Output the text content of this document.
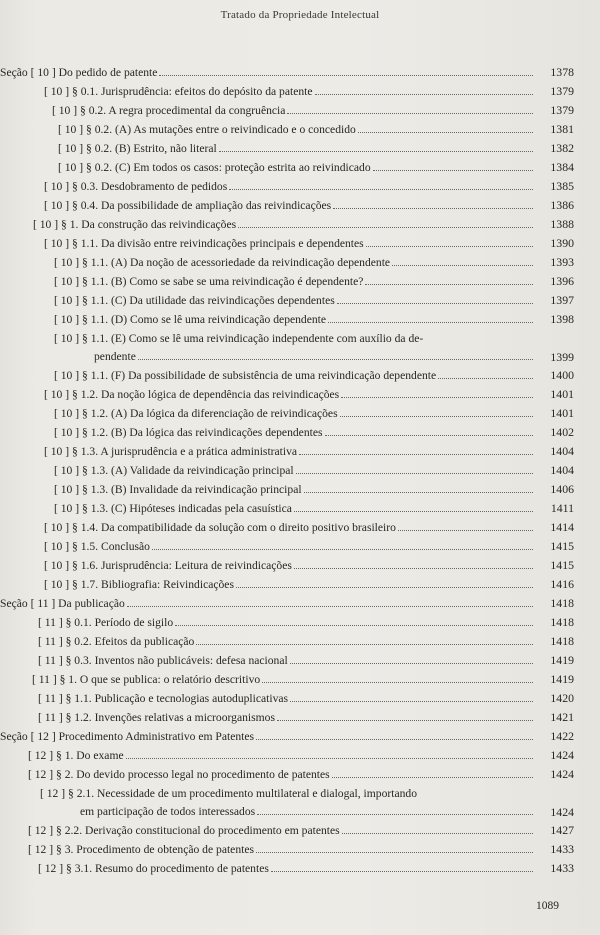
Tratado da Propriedade Intelectual
Seção [ 10 ] Do pedido de patente	1378
[ 10 ] § 0.1. Jurisprudência: efeitos do depósito da patente	1379
[ 10 ] § 0.2. A regra procedimental da congruência	1379
[ 10 ] § 0.2. (A) As mutações entre o reivindicado e o concedido	1381
[ 10 ] § 0.2. (B) Estrito, não literal	1382
[ 10 ] § 0.2. (C) Em todos os casos: proteção estrita ao reivindicado	1384
[ 10 ] § 0.3. Desdobramento de pedidos	1385
[ 10 ] § 0.4. Da possibilidade de ampliação das reivindicações	1386
[ 10 ] § 1. Da construção das reivindicações	1388
[ 10 ] § 1.1. Da divisão entre reivindicações principais e dependentes	1390
[ 10 ] § 1.1. (A) Da noção de acessoriedade da reivindicação dependente	1393
[ 10 ] § 1.1. (B) Como se sabe se uma reivindicação é dependente?	1396
[ 10 ] § 1.1. (C) Da utilidade das reivindicações dependentes	1397
[ 10 ] § 1.1. (D) Como se lê uma reivindicação dependente	1398
[ 10 ] § 1.1. (E) Como se lê uma reivindicação independente com auxílio da de-
pendente	1399
[ 10 ] § 1.1. (F) Da possibilidade de subsistência de uma reivindicação dependente	1400
[ 10 ] § 1.2. Da noção lógica de dependência das reivindicações	1401
[ 10 ] § 1.2. (A) Da lógica da diferenciação de reivindicações	1401
[ 10 ] § 1.2. (B) Da lógica das reivindicações dependentes	1402
[ 10 ] § 1.3. A jurisprudência e a prática administrativa	1404
[ 10 ] § 1.3. (A) Validade da reivindicação principal	1404
[ 10 ] § 1.3. (B) Invalidade da reivindicação principal	1406
[ 10 ] § 1.3. (C) Hipóteses indicadas pela casuística	1411
[ 10 ] § 1.4. Da compatibilidade da solução com o direito positivo brasileiro	1414
[ 10 ] § 1.5. Conclusão	1415
[ 10 ] § 1.6. Jurisprudência: Leitura de reivindicações	1415
[ 10 ] § 1.7. Bibliografia: Reivindicações	1416
Seção [ 11 ] Da publicação	1418
[ 11 ] § 0.1. Período de sigilo	1418
[ 11 ] § 0.2. Efeitos da publicação	1418
[ 11 ] § 0.3. Inventos não publicáveis: defesa nacional	1419
[ 11 ] § 1. O que se publica: o relatório descritivo	1419
[ 11 ] § 1.1. Publicação e tecnologias autoduplicativas	1420
[ 11 ] § 1.2. Invenções relativas a microorganismos	1421
Seção [ 12 ] Procedimento Administrativo em Patentes	1422
[ 12 ] § 1. Do exame	1424
[ 12 ] § 2. Do devido processo legal no procedimento de patentes	1424
[ 12 ] § 2.1. Necessidade de um procedimento multilateral e dialogal, importando
em participação de todos interessados	1424
[ 12 ] § 2.2. Derivação constitucional do procedimento em patentes	1427
[ 12 ] § 3. Procedimento de obtenção de patentes	1433
[ 12 ] § 3.1. Resumo do procedimento de patentes	1433
1089
